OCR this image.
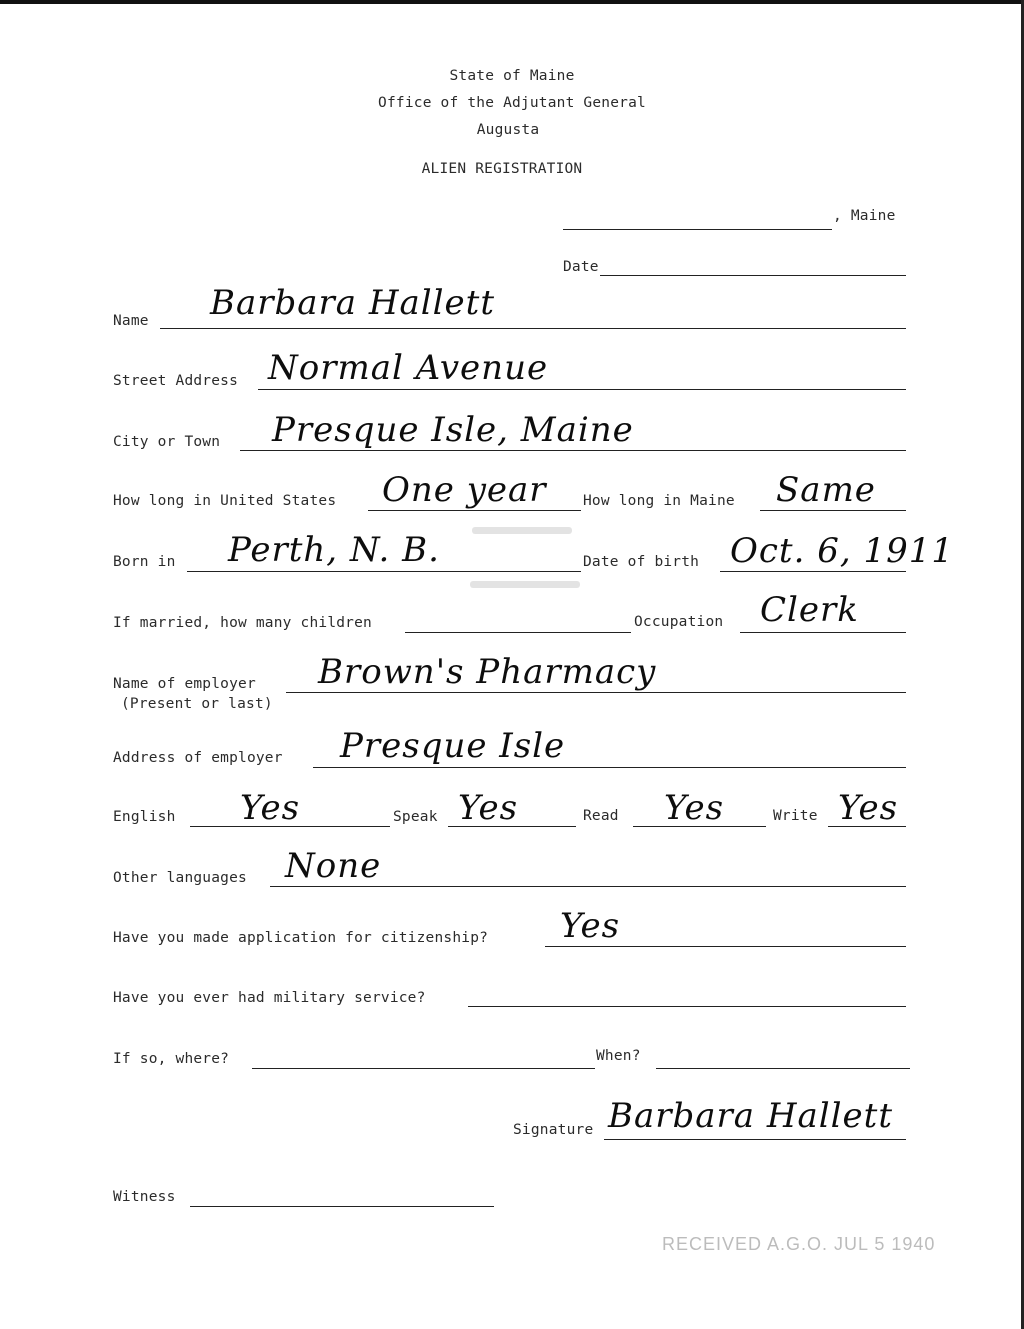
State of Maine
Office of the Adjutant General
Augusta
ALIEN REGISTRATION
, Maine
Date
Name Barbara Hallett
Street Address Normal Avenue
City or Town Presque Isle, Maine
How long in United States One year	How long in Maine Same
Born in Perth, N. B.	Date of birth Oct. 6, 1911
If married, how many children	Occupation Clerk
Name of employer
(Present or last)
Brown's Pharmacy
Address of employer Presque Isle
English Yes	Speak Yes	Read Yes	Write Yes
Other languages None
Have you made application for citizenship? Yes
Have you ever had military service?
If so, where?	When?
Signature Barbara Hallett
Witness
RECEIVED A.G.O. JUL 5 1940
